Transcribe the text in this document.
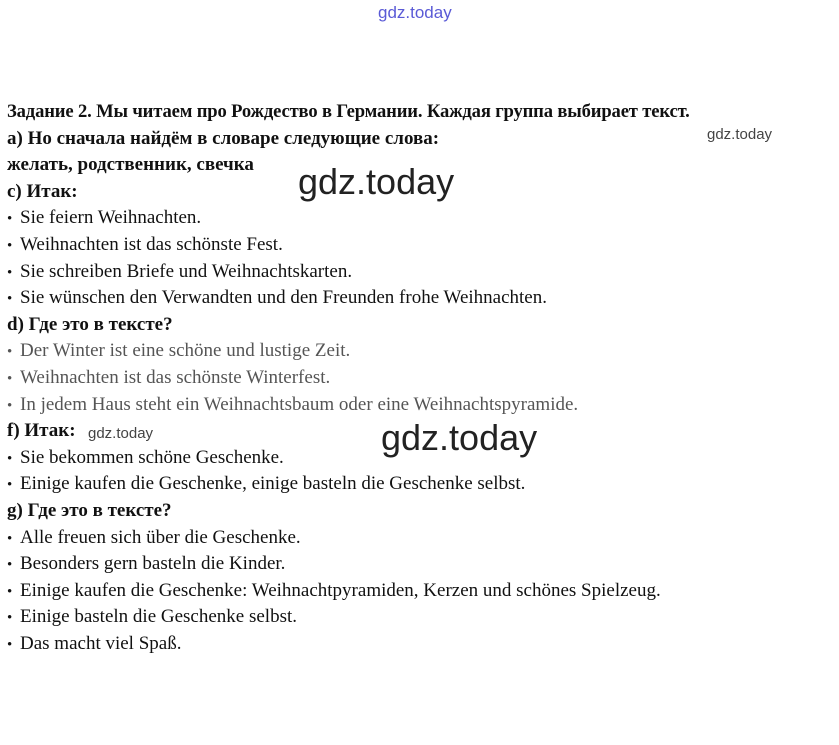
gdz.today
gdz.today
gdz.today
gdz.today	gdz.today
Задание 2. Мы читаем про Рождество в Германии. Каждая группа выбирает текст.
а) Но сначала найдём в словаре следующие слова:
желать, родственник, свечка
c) Итак:
• Sie feiern Weihnachten.
• Weihnachten ist das schönste Fest.
• Sie schreiben Briefe und Weihnachtskarten.
• Sie wünschen den Verwandten und den Freunden frohe Weihnachten.
d) Где это в тексте?
• Der Winter ist eine schöne und lustige Zeit.
• Weihnachten ist das schönste Winterfest.
• In jedem Haus steht ein Weihnachtsbaum oder eine Weihnachtspyramide.
f) Итак:
• Sie bekommen schöne Geschenke.
• Einige kaufen die Geschenke, einige basteln die Geschenke selbst.
g) Где это в тексте?
• Alle freuen sich über die Geschenke.
• Besonders gern basteln die Kinder.
• Einige kaufen die Geschenke: Weihnachtpyramiden, Kerzen und schönes Spielzeug.
• Einige basteln die Geschenke selbst.
• Das macht viel Spaß.
